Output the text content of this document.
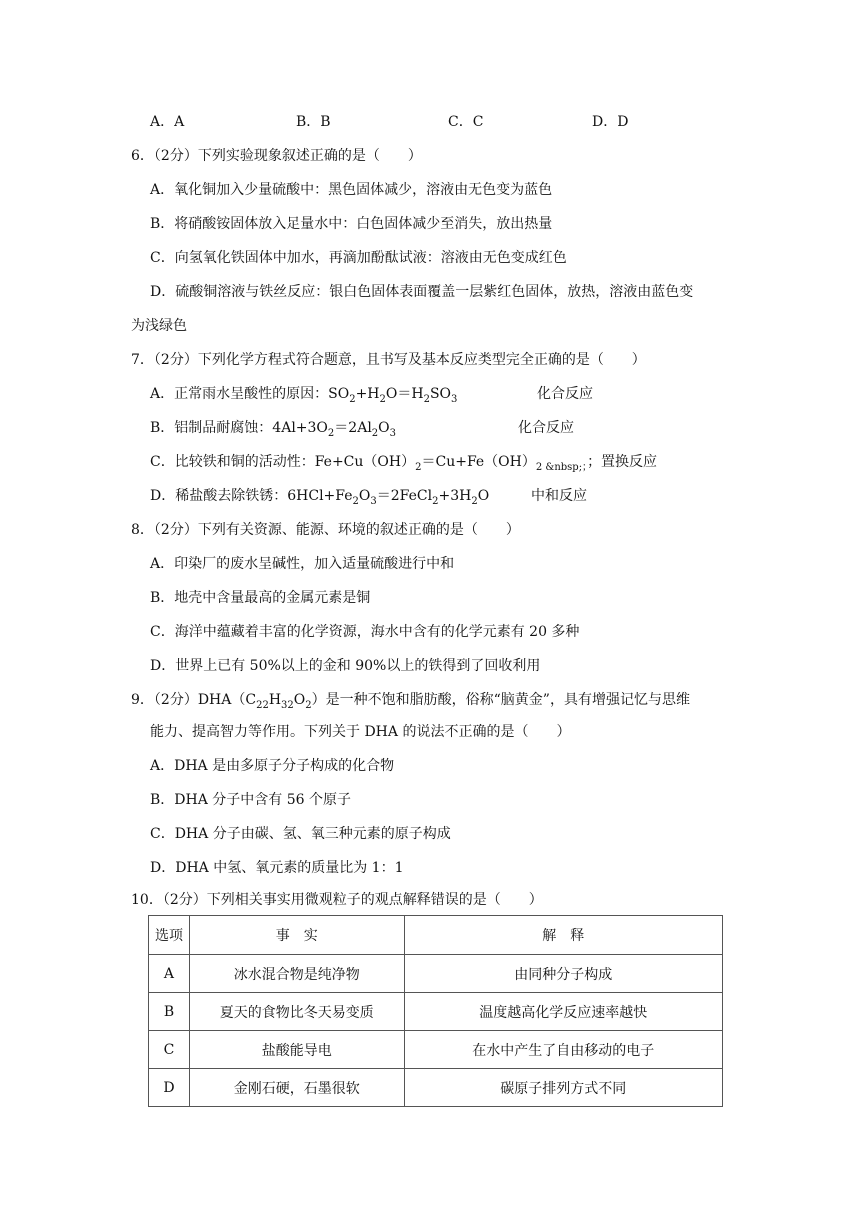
A．A	B．B	C．C	D．D
6．（2分）下列实验现象叙述正确的是（　　）
A．氧化铜加入少量硫酸中：黑色固体减少，溶液由无色变为蓝色
B．将硝酸铵固体放入足量水中：白色固体减少至消失，放出热量
C．向氢氧化铁固体中加水，再滴加酚酞试液：溶液由无色变成红色
D．硫酸铜溶液与铁丝反应：银白色固体表面覆盖一层紫红色固体，放热，溶液由蓝色变
为浅绿色
7．（2分）下列化学方程式符合题意，且书写及基本反应类型完全正确的是（　　）
A．正常雨水呈酸性的原因：$SO_2+H_2O=H_2SO_3$	化合反应
B．铝制品耐腐蚀：$4Al+3O_2=2Al_2O_3$	化合反应
C．比较铁和铜的活动性：$Fe+Cu(OH)_2=Cu+Fe(OH)_{2 \&nbsp;;}$；置换反应
D．稀盐酸去除铁锈：$6HCl+Fe_2O_3=2FeCl_2+3H_2O$	中和反应
8．（2分）下列有关资源、能源、环境的叙述正确的是（　　）
A．印染厂的废水呈碱性，加入适量硫酸进行中和
B．地壳中含量最高的金属元素是铜
C．海洋中蕴藏着丰富的化学资源，海水中含有的化学元素有 20 多种
D．世界上已有 50%以上的金和 90%以上的铁得到了回收利用
9．（2分）$DHA(C_{22}H_{32}O_2)$是一种不饱和脂肪酸，俗称“脑黄金”，具有增强记忆与思维
能力、提高智力等作用。下列关于 DHA 的说法不正确的是（　　）
A．DHA 是由多原子分子构成的化合物
B．DHA 分子中含有 56 个原子
C．DHA 分子由碳、氢、氧三种元素的原子构成
D．DHA 中氢、氧元素的质量比为 1：1
10．（2分）下列相关事实用微观粒子的观点解释错误的是（　　）
选项	事　实	解　释
A	冰水混合物是纯净物	由同种分子构成
B	夏天的食物比冬天易变质	温度越高化学反应速率越快
C	盐酸能导电	在水中产生了自由移动的电子
D	金刚石硬，石墨很软	碳原子排列方式不同
